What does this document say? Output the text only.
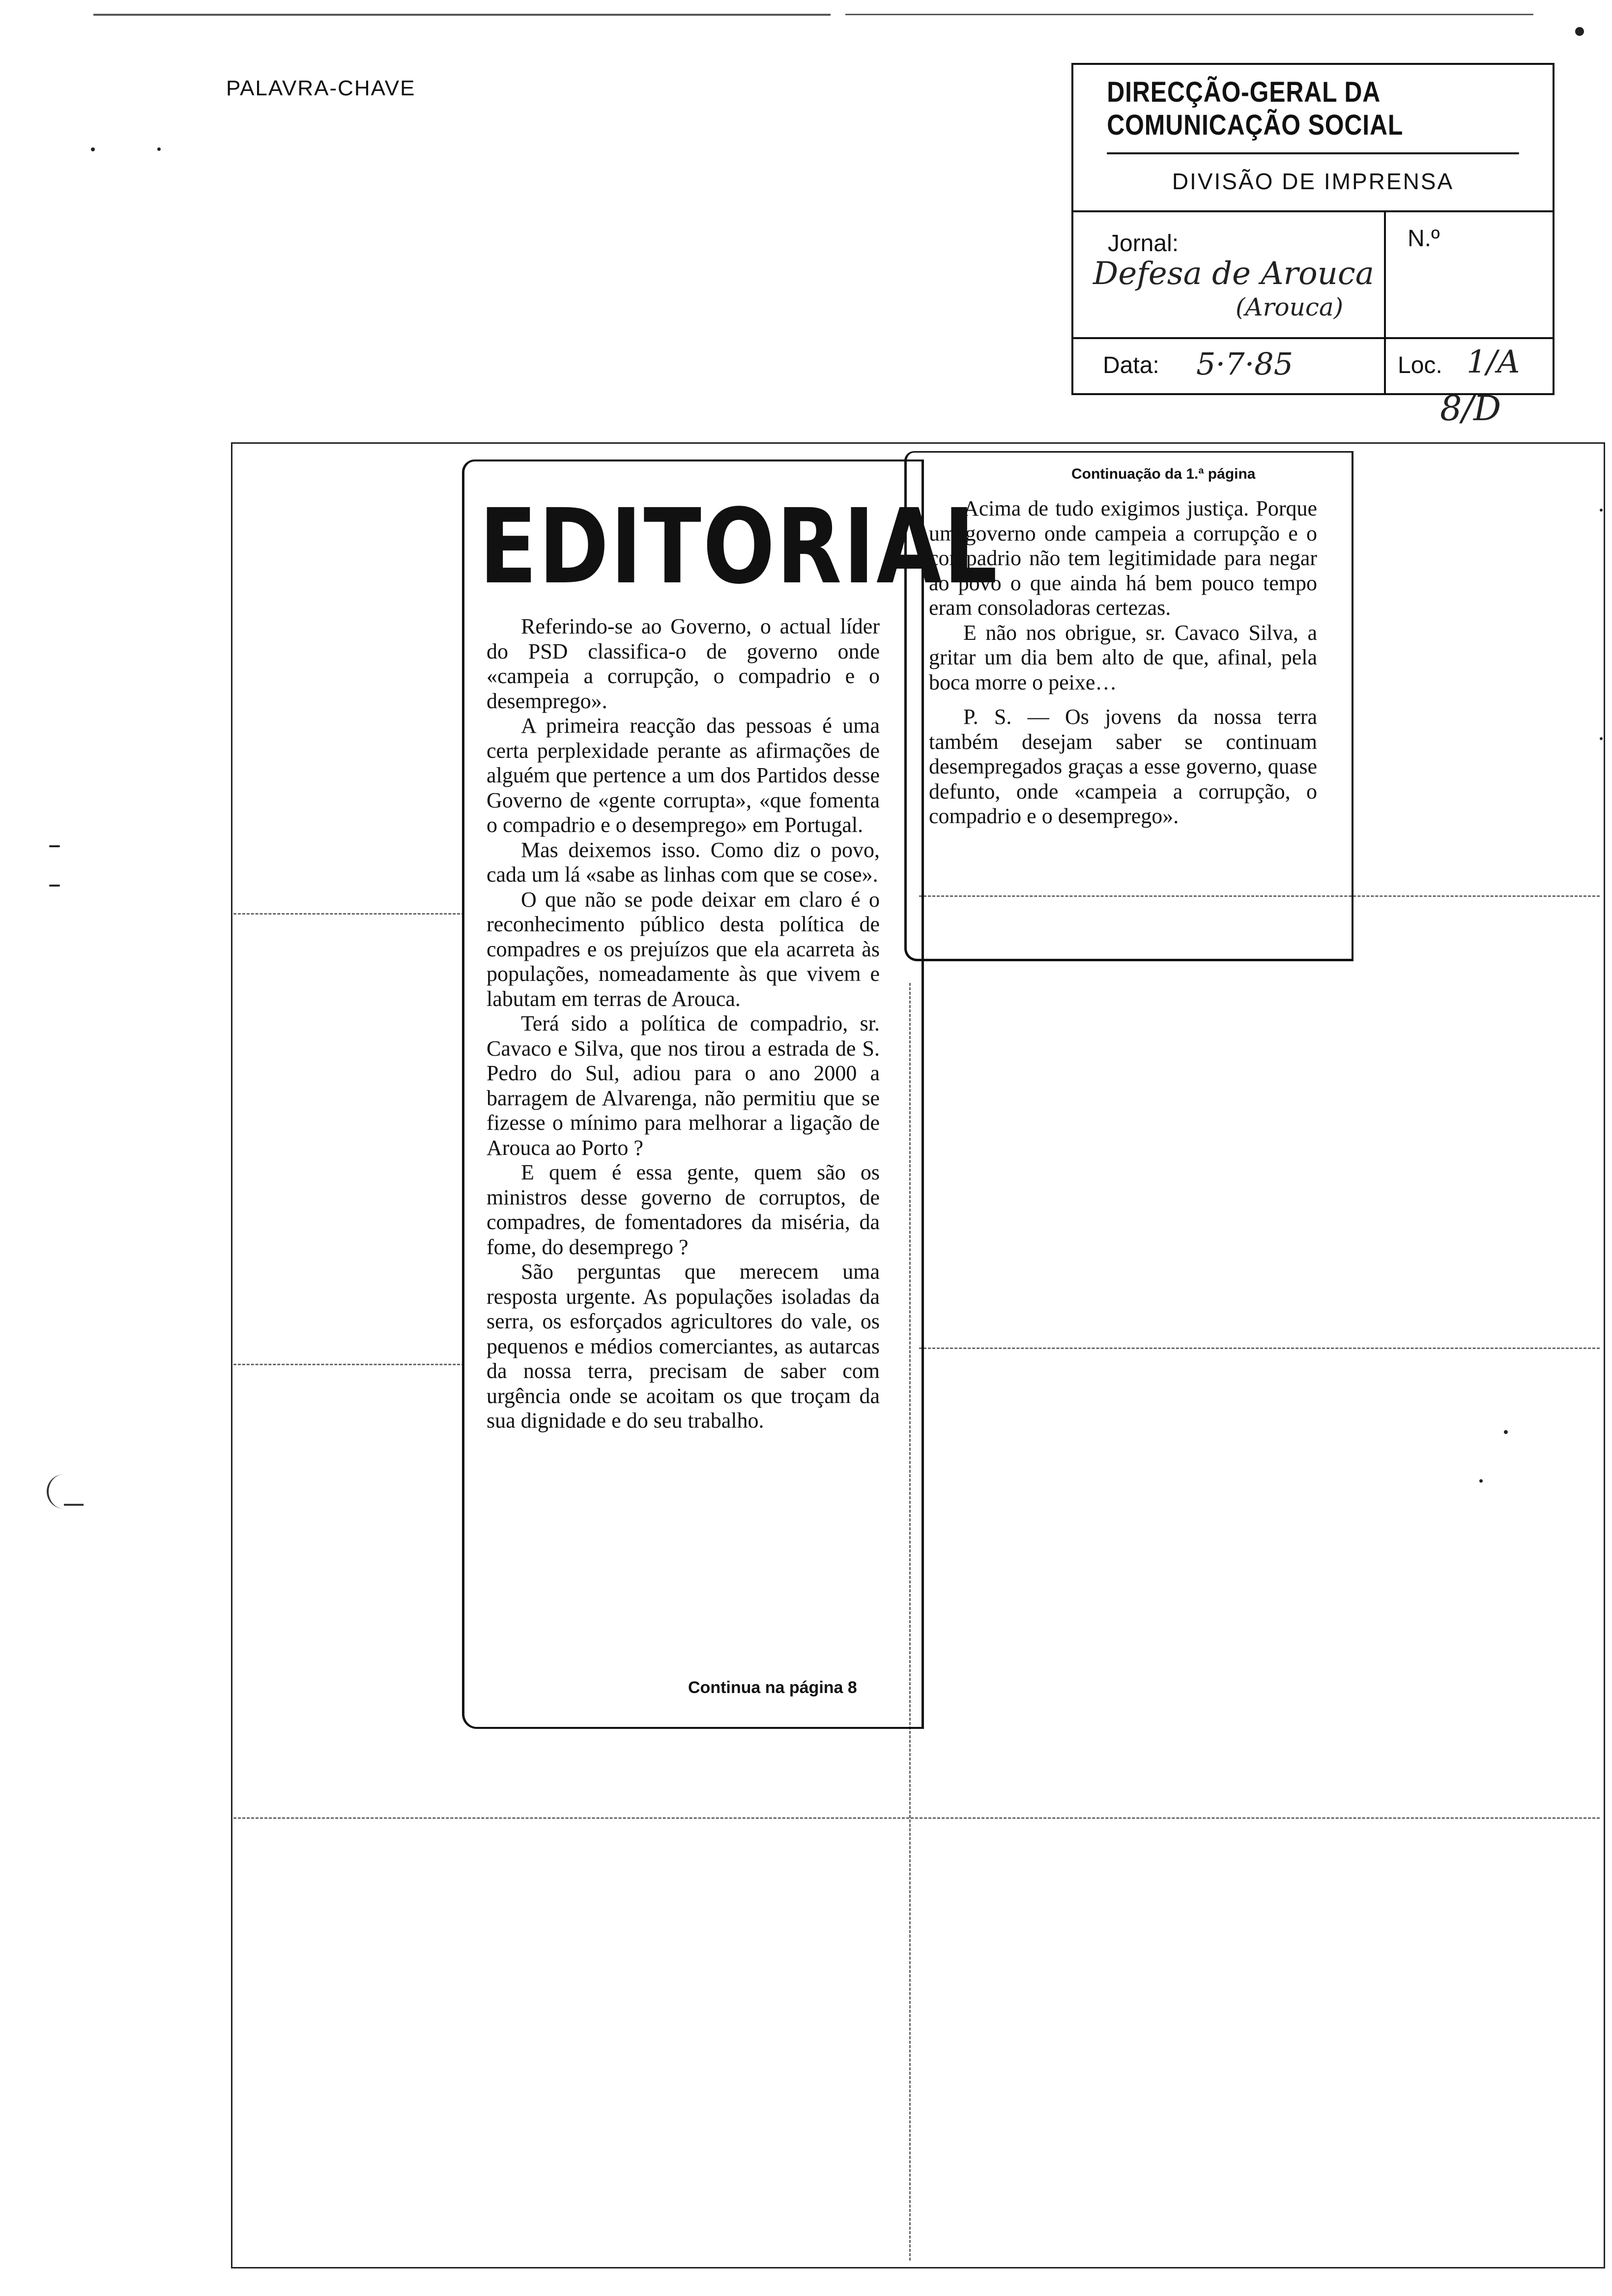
PALAVRA-CHAVE	DIRECÇÃO-GERAL DA COMUNICAÇÃO SOCIAL
DIVISÃO DE IMPRENSA
Jornal:
Defesa de Arouca
(Arouca)
N.º
Data: 5·7·85	Loc. 1/A
8/D
EDITORIAL

Referindo-se ao Governo, o actual líder do PSD classifica-o de governo onde «campeia a corrupção, o compadrio e o desemprego».

A primeira reacção das pessoas é uma certa perplexidade perante as afirmações de alguém que pertence a um dos Partidos desse Governo de «gente corrupta», «que fomenta o compadrio e o desemprego» em Portugal.

Mas deixemos isso. Como diz o povo, cada um lá «sabe as linhas com que se cose».

O que não se pode deixar em claro é o reconhecimento público desta política de compadres e os prejuízos que ela acarreta às populações, nomeadamente às que vivem e labutam em terras de Arouca.

Terá sido a política de compadrio, sr. Cavaco e Silva, que nos tirou a estrada de S. Pedro do Sul, adiou para o ano 2000 a barragem de Alvarenga, não permitiu que se fizesse o mínimo para melhorar a ligação de Arouca ao Porto ?

E quem é essa gente, quem são os ministros desse governo de corruptos, de compadres, de fomentadores da miséria, da fome, do desemprego ?

São perguntas que merecem uma resposta urgente. As populações isoladas da serra, os esforçados agricultores do vale, os pequenos e médios comerciantes, as autarcas da nossa terra, precisam de saber com urgência onde se acoitam os que troçam da sua dignidade e do seu trabalho.

Continua na página 8
Continuação da 1.ª página

Acima de tudo exigimos justiça. Porque um governo onde campeia a corrupção e o compadrio não tem legitimidade para negar ao povo o que ainda há bem pouco tempo eram consoladoras certezas.

E não nos obrigue, sr. Cavaco Silva, a gritar um dia bem alto de que, afinal, pela boca morre o peixe…

P. S. — Os jovens da nossa terra também desejam saber se continuam desempregados graças a esse governo, quase defunto, onde «campeia a corrupção, o compadrio e o desemprego».
